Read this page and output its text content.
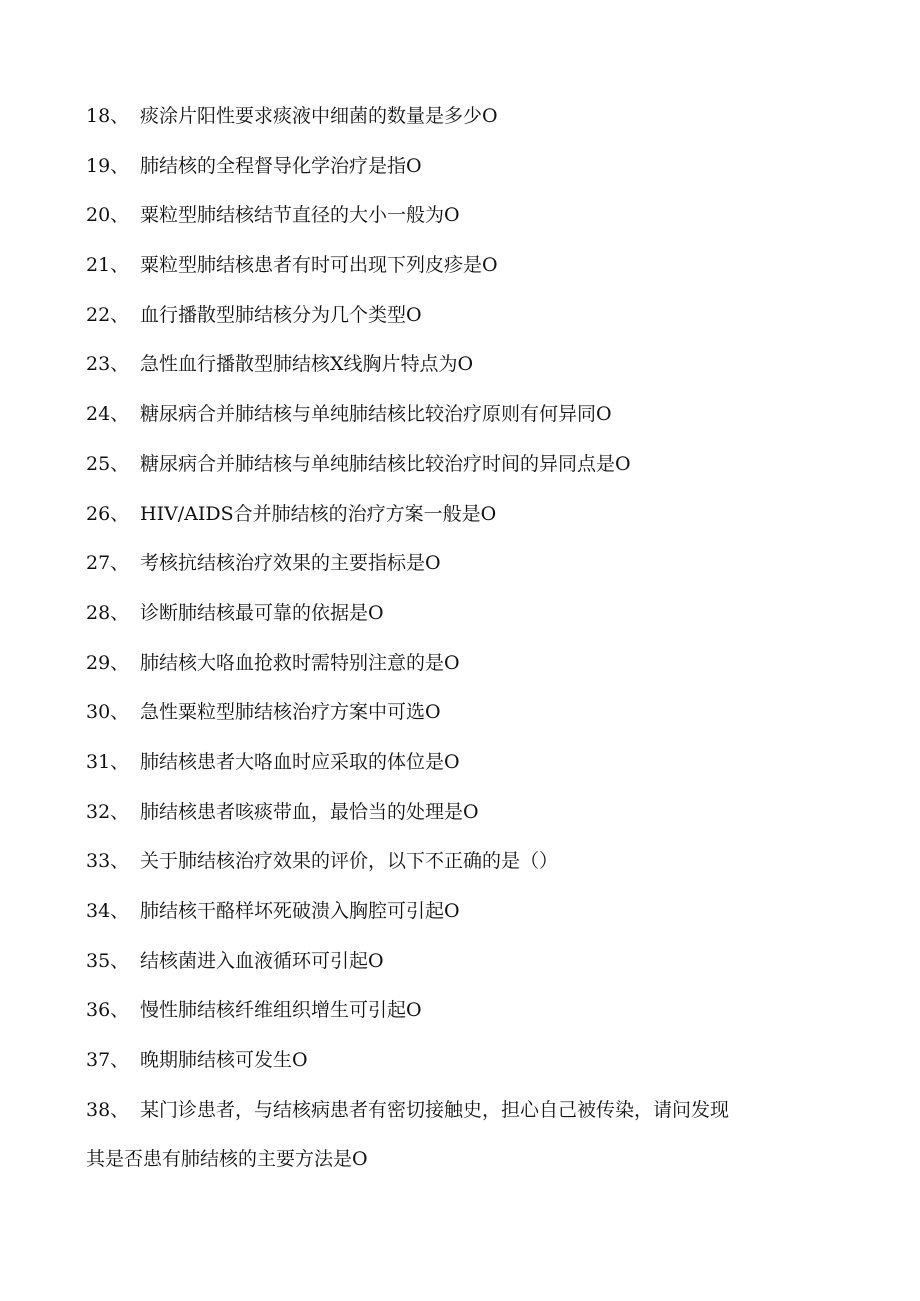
18、 痰涂片阳性要求痰液中细菌的数量是多少O
19、 肺结核的全程督导化学治疗是指O
20、 粟粒型肺结核结节直径的大小一般为O
21、 粟粒型肺结核患者有时可出现下列皮疹是O
22、 血行播散型肺结核分为几个类型O
23、 急性血行播散型肺结核X线胸片特点为O
24、 糖尿病合并肺结核与单纯肺结核比较治疗原则有何异同O
25、 糖尿病合并肺结核与单纯肺结核比较治疗时间的异同点是O
26、 HIV/AIDS合并肺结核的治疗方案一般是O
27、 考核抗结核治疗效果的主要指标是O
28、 诊断肺结核最可靠的依据是O
29、 肺结核大咯血抢救时需特别注意的是O
30、 急性粟粒型肺结核治疗方案中可选O
31、 肺结核患者大咯血时应采取的体位是O
32、 肺结核患者咳痰带血，最恰当的处理是O
33、 关于肺结核治疗效果的评价，以下不正确的是（）
34、 肺结核干酪样坏死破溃入胸腔可引起O
35、 结核菌进入血液循环可引起O
36、 慢性肺结核纤维组织增生可引起O
37、 晚期肺结核可发生O
38、 某门诊患者，与结核病患者有密切接触史，担心自己被传染，请问发现
其是否患有肺结核的主要方法是O
